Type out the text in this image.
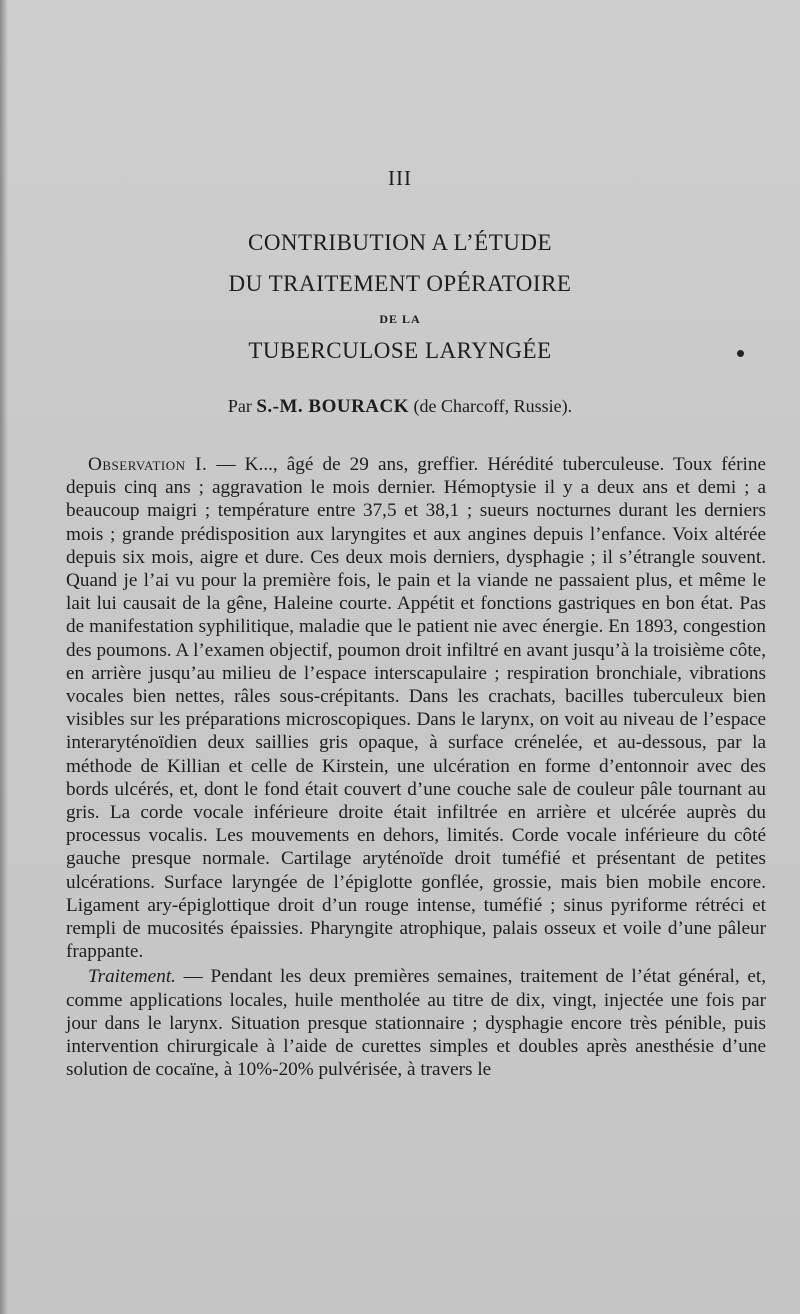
III
CONTRIBUTION A L’ÉTUDE
DU TRAITEMENT OPÉRATOIRE
DE LA
TUBERCULOSE LARYNGÉE
Par S.-M. BOURACK (de Charcoff, Russie).

Observation I. — K..., âgé de 29 ans, greffier. Hérédité tuberculeuse. Toux férine depuis cinq ans ; aggravation le mois dernier. Hémoptysie il y a deux ans et demi ; a beaucoup maigri ; température entre 37,5 et 38,1 ; sueurs nocturnes durant les derniers mois ; grande prédisposition aux laryngites et aux angines depuis l’enfance. Voix altérée depuis six mois, aigre et dure. Ces deux mois derniers, dysphagie ; il s’étrangle souvent. Quand je l’ai vu pour la première fois, le pain et la viande ne passaient plus, et même le lait lui causait de la gêne, Haleine courte. Appétit et fonctions gastriques en bon état. Pas de manifestation syphilitique, maladie que le patient nie avec énergie. En 1893, congestion des poumons. A l’examen objectif, poumon droit infiltré en avant jusqu’à la troisième côte, en arrière jusqu’au milieu de l’espace interscapulaire ; respiration bronchiale, vibrations vocales bien nettes, râles sous-crépitants. Dans les crachats, bacilles tuberculeux bien visibles sur les préparations microscopiques. Dans le larynx, on voit au niveau de l’espace interaryténoïdien deux saillies gris opaque, à surface crénelée, et au-dessous, par la méthode de Killian et celle de Kirstein, une ulcération en forme d’entonnoir avec des bords ulcérés, et, dont le fond était couvert d’une couche sale de couleur pâle tournant au gris. La corde vocale inférieure droite était infiltrée en arrière et ulcérée auprès du processus vocalis. Les mouvements en dehors, limités. Corde vocale inférieure du côté gauche presque normale. Cartilage aryténoïde droit tuméfié et présentant de petites ulcérations. Surface laryngée de l’épiglotte gonflée, grossie, mais bien mobile encore. Ligament ary-épiglottique droit d’un rouge intense, tuméfié ; sinus pyriforme rétréci et rempli de mucosités épaissies. Pharyngite atrophique, palais osseux et voile d’une pâleur frappante.

Traitement. — Pendant les deux premières semaines, traitement de l’état général, et, comme applications locales, huile mentholée au titre de dix, vingt, injectée une fois par jour dans le larynx. Situation presque stationnaire ; dysphagie encore très pénible, puis intervention chirurgicale à l’aide de curettes simples et doubles après anesthésie d’une solution de cocaïne, à 10%-20% pulvérisée, à travers le
